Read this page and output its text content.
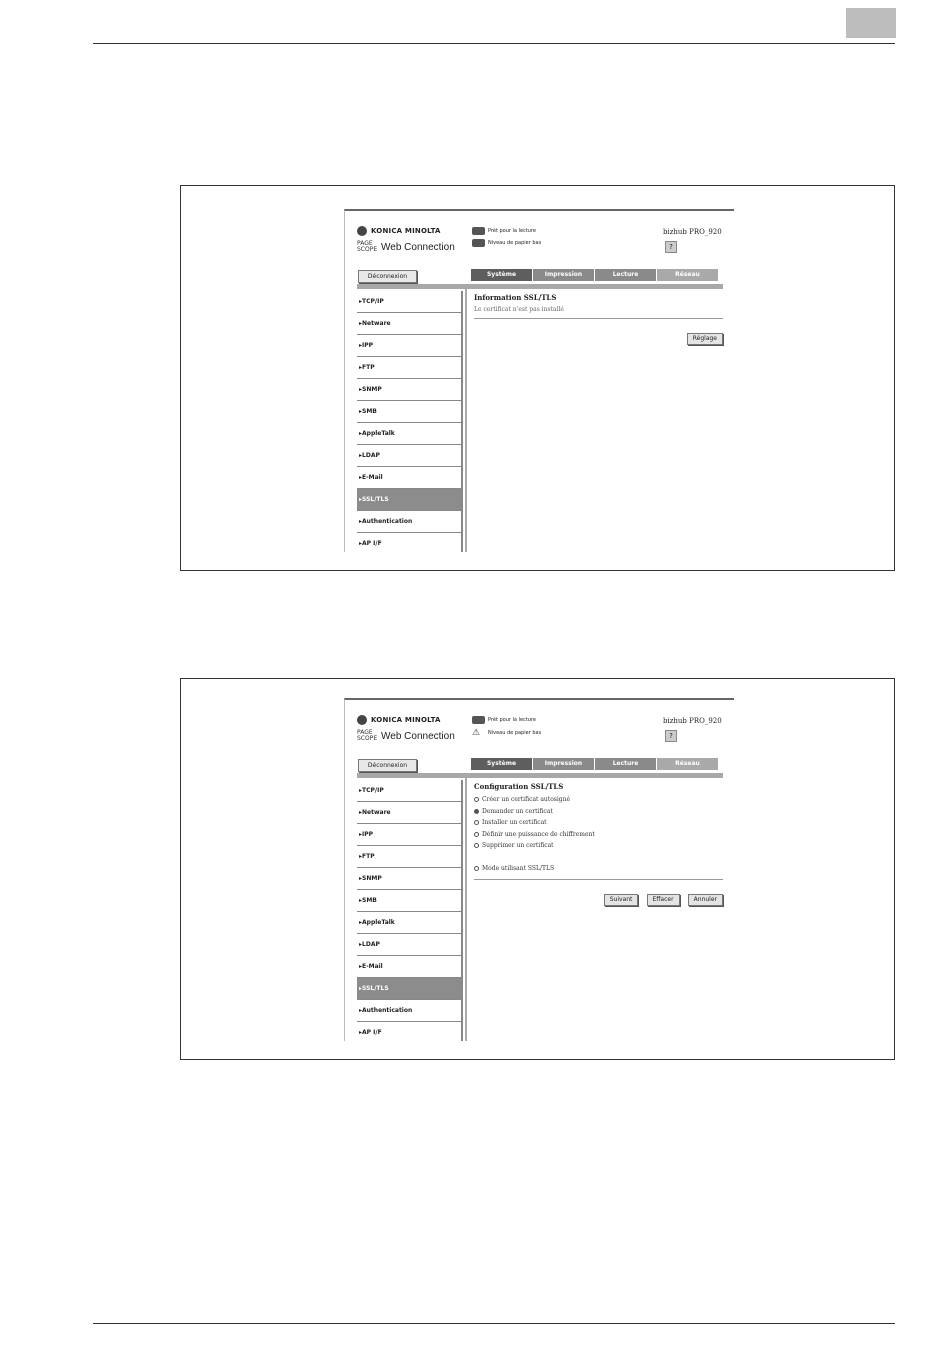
KONICA MINOLTA
PAGE SCOPE Web Connection
Prêt pour la lecture
Niveau de papier bas
bizhub PRO_920
?
Déconnexion	Système	Impression	Lecture	Réseau
▸TCP/IP
▸Netware
▸IPP
▸FTP
▸SNMP
▸SMB
▸AppleTalk
▸LDAP
▸E-Mail
▸SSL/TLS
▸Authentication
▸AP I/F
Information SSL/TLS
Le certificat n'est pas installé
Réglage
KONICA MINOLTA
PAGE SCOPE Web Connection
Prêt pour la lecture
⚠	Niveau de papier bas
bizhub PRO_920
?
Déconnexion	Système	Impression	Lecture	Réseau
▸TCP/IP
▸Netware
▸IPP
▸FTP
▸SNMP
▸SMB
▸AppleTalk
▸LDAP
▸E-Mail
▸SSL/TLS
▸Authentication
▸AP I/F
Configuration SSL/TLS
Créer un certificat autosigné
Demander un certificat
Installer un certificat
Définir une puissance de chiffrement
Supprimer un certificat
Mode utilisant SSL/TLS
Suivant	Effacer	Annuler
